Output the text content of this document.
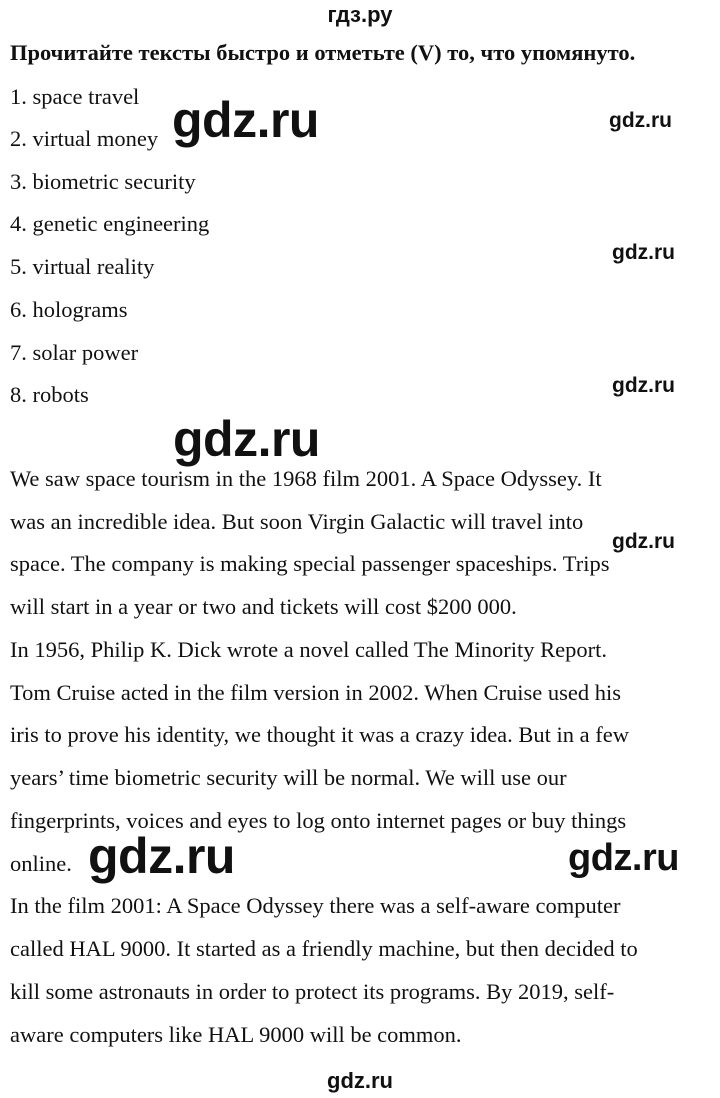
гдз.ру
Прочитайте тексты быстро и отметьте (V) то, что упомянуто.
1. space travel
2. virtual money
3. biometric security
4. genetic engineering
5. virtual reality
6. holograms
7. solar power
8. robots
We saw space tourism in the 1968 film 2001. A Space Odyssey. It
was an incredible idea. But soon Virgin Galactic will travel into
space. The company is making special passenger spaceships. Trips
will start in a year or two and tickets will cost $200 000.
In 1956, Philip K. Dick wrote a novel called The Minority Report.
Tom Cruise acted in the film version in 2002. When Cruise used his
iris to prove his identity, we thought it was a crazy idea. But in a few
years’ time biometric security will be normal. We will use our
fingerprints, voices and eyes to log onto internet pages or buy things
online.
In the film 2001: A Space Odyssey there was a self-aware computer
called HAL 9000. It started as a friendly machine, but then decided to
kill some astronauts in order to protect its programs. By 2019, self-
aware computers like HAL 9000 will be common.
gdz.ru
gdz.ru
gdz.ru	gdz.ru
gdz.ru
gdz.ru
gdz.ru
gdz.ru
gdz.ru
